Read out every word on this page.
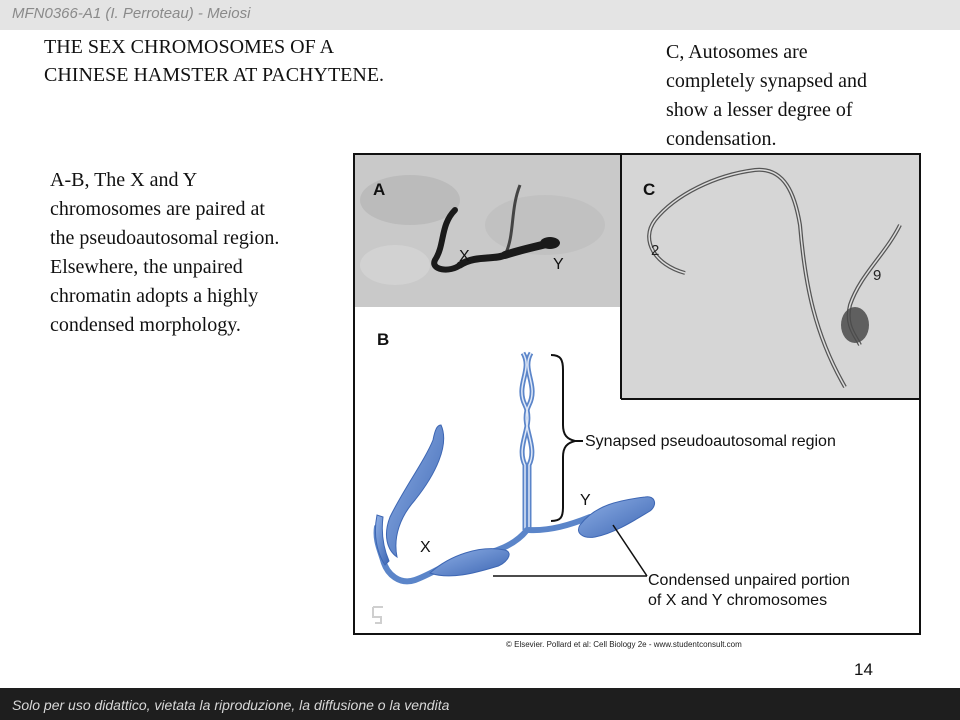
MFN0366-A1 (I. Perroteau) - Meiosi
THE SEX CHROMOSOMES OF A
CHINESE HAMSTER AT PACHYTENE.
A-B, The X and Y
chromosomes are paired at
the pseudoautosomal region.
Elsewhere, the unpaired
chromatin adopts a highly
condensed morphology.
C, Autosomes are
completely synapsed and
show a lesser degree of
condensation.
A
X	Y
C
2
9
B
Synapsed pseudoautosomal region
Y
X
Condensed unpaired portion
of X and Y chromosomes
© Elsevier. Pollard et al: Cell Biology 2e - www.studentconsult.com
14
Solo per uso didattico, vietata la riproduzione, la diffusione o la vendita
